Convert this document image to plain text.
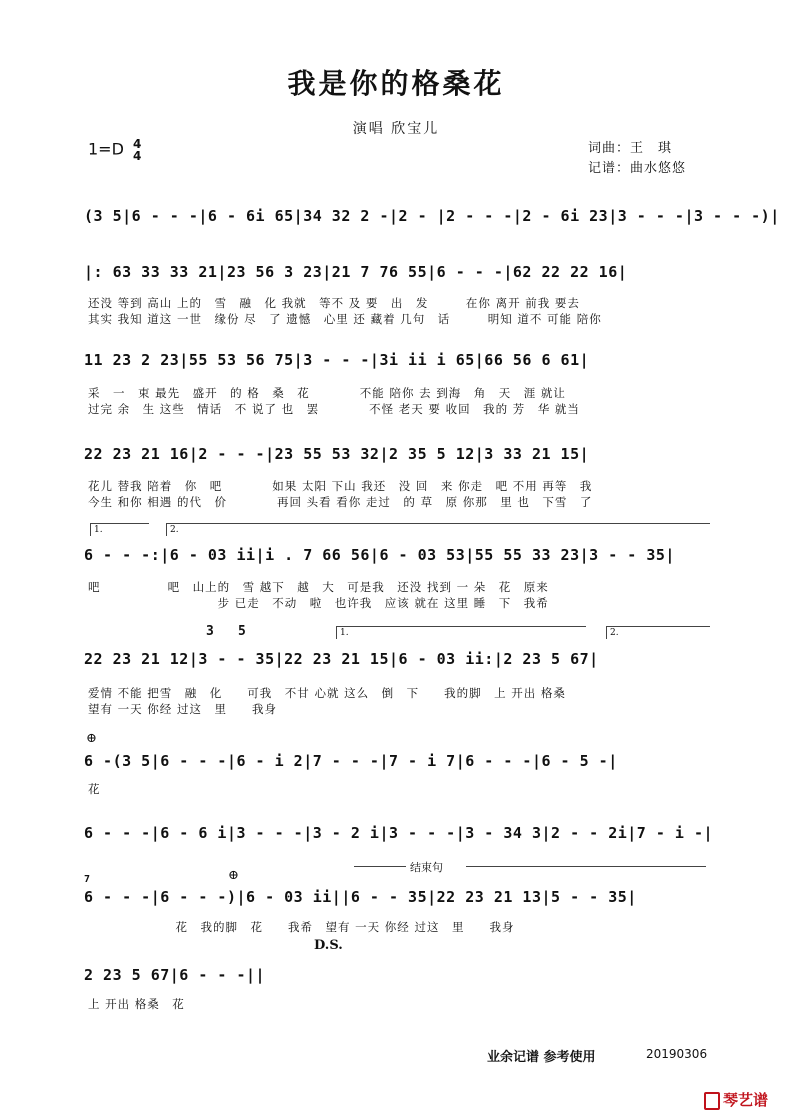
我是你的格桑花
演唱 欣宝儿
1=D 4
4	词曲：王　琪
记谱：曲水悠悠
(3 5|6 - - -|6 - 6i 65|34 32 2 -|2 - |2 - - -|2 - 6i 23|3 - - -|3 - - -)|
|: 63 33 33 21|23 56 3 23|21 7 76 55|6 - - -|62 22 22 16|
还没 等到 高山 上的　雪　融　化 我就　等不 及 要　出　发　　　在你 离开 前我 要去
其实 我知 道这 一世　缘份 尽　了 遗憾　心里 还 藏着 几句　话　　　明知 道不 可能 陪你
11 23 2 23|55 53 56 75|3 - - -|3i ii i 65|66 56 6 61|
采　一　束 最先　盛开　的 格　桑　花　　　　不能 陪你 去 到海　角　天　涯 就让
过完 余　生 这些　情话　不 说了 也　罢　　　　不怪 老天 要 收回　我的 芳　华 就当
22 23 21 16|2 - - -|23 55 53 32|2 35 5 12|3 33 21 15|
花儿 替我 陪着　你　吧　　　　如果 太阳 下山 我还　没 回　来 你走　吧 不用 再等　我
今生 和你 相遇 的代　价　　　　再回 头看 看你 走过　的 草　原 你那　里 也　下雪　了
1.	2.
6 - - -:|6 - 03 ii|i . 7 66 56|6 - 03 53|55 55 33 23|3 - - 35|
吧　　　　　 吧　山上的　雪 越下　越　大　可是我　还没 找到 一 朵　花　原来
　　　　　　　　　　 步 已走　不动　啦　也许我　应该 就在 这里 睡　下　我希
3 5	1.	2.
22 23 21 12|3 - - 35|22 23 21 15|6 - 03 ii:|2 23 5 67|
爱情 不能 把雪　融　化　　可我　不甘 心就 这么　倒　下　　我的脚　上 开出 格桑
望有 一天 你经 过这　里　　我身
⊕
6 -(3 5|6 - - -|6 - i 2|7 - - -|7 - i 7|6 - - -|6 - 5 -|
花
6 - - -|6 - 6 i|3 - - -|3 - 2 i|3 - - -|3 - 34 3|2 - - 2i|7 - i -|
结束句
7	⊕
6 - - -|6 - - -)|6 - 03 ii||6 - - 35|22 23 21 13|5 - - 35|
　　　　　　　花　我的脚　花　　我希　望有 一天 你经 过这　里　　我身
D.S.
2 23 5 67|6 - - -||
上 开出 格桑　花
业余记谱 参考使用	20190306
琴艺谱
